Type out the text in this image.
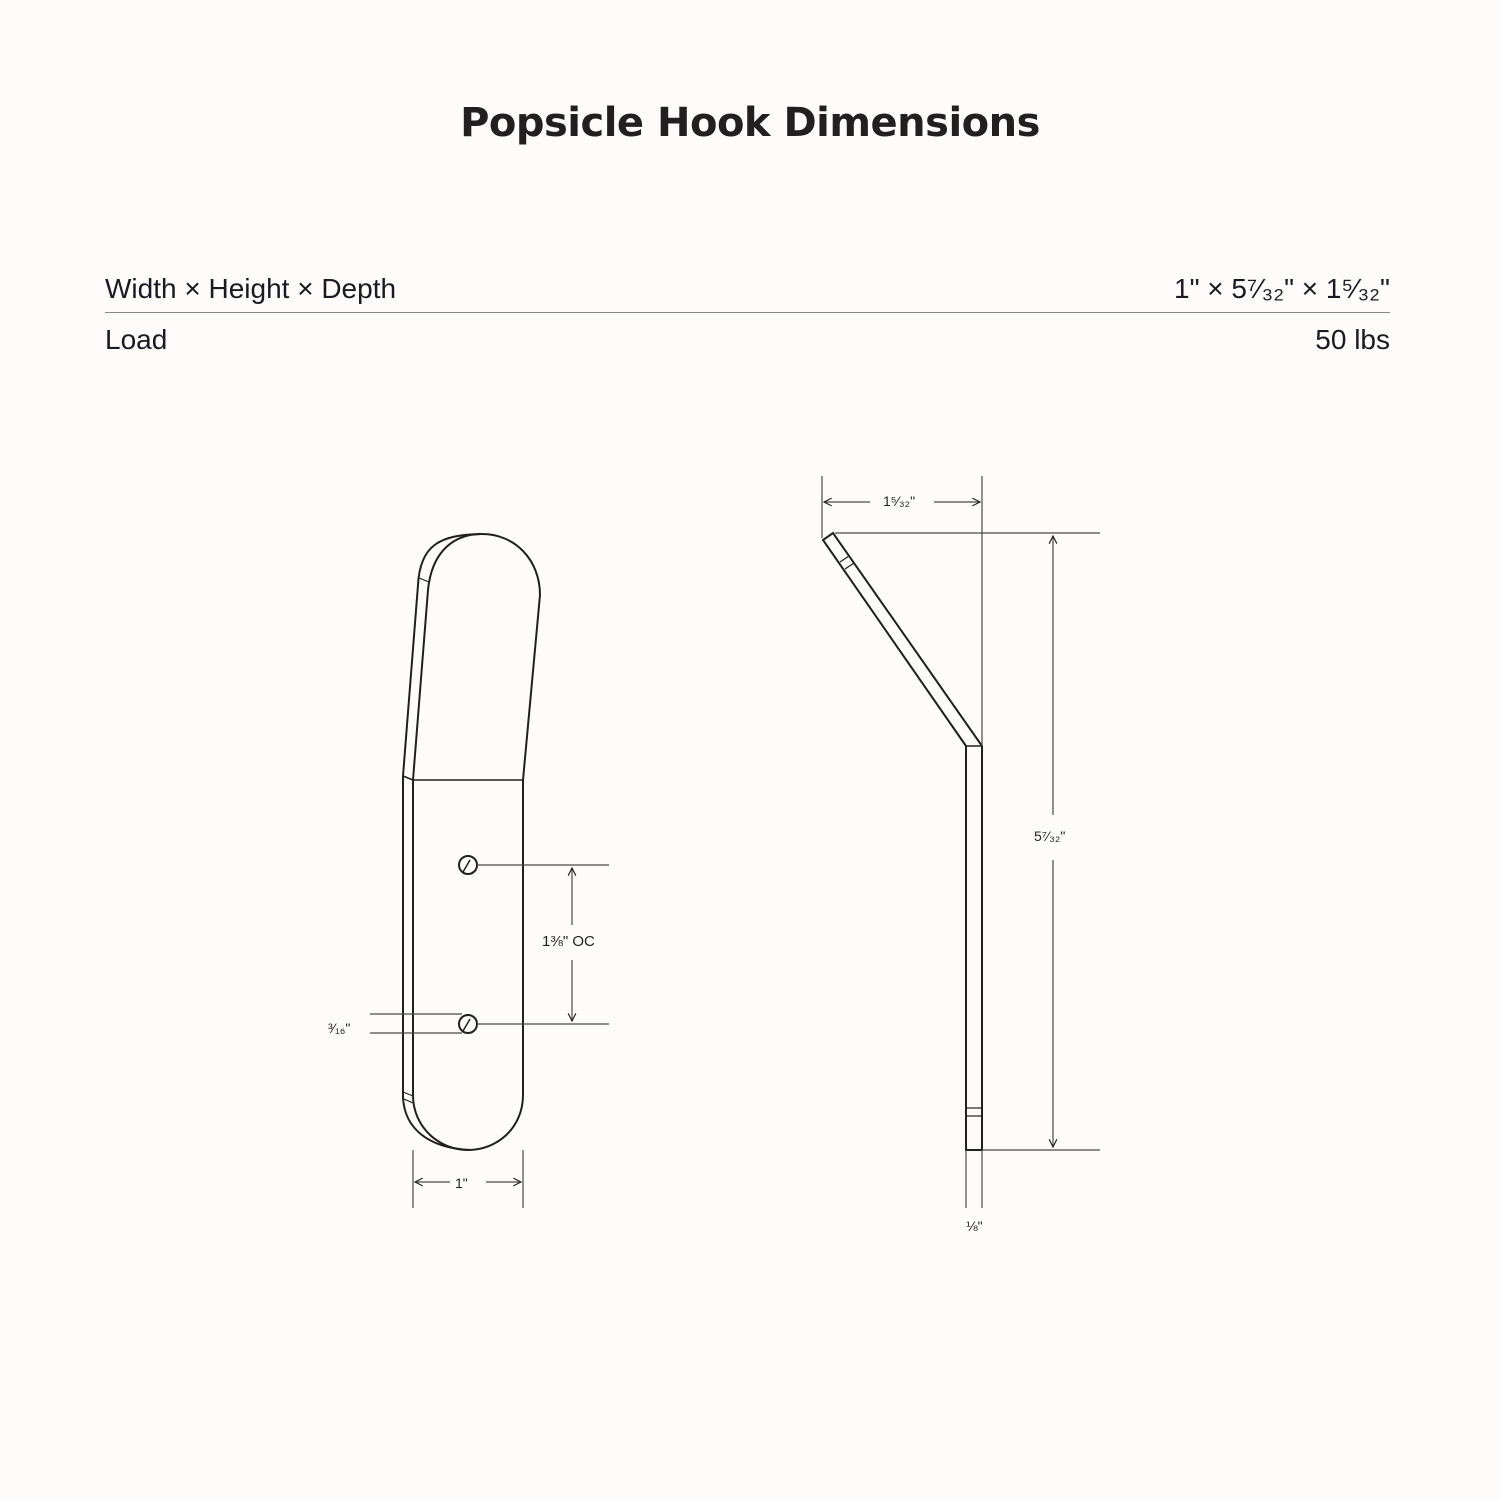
Popsicle Hook Dimensions
Width × Height × Depth	1" × 5⁷⁄₃₂" × 1⁵⁄₃₂"
Load	50 lbs
1"
1⅜" OC
³⁄₁₆"
1⁵⁄₃₂"
5⁷⁄₃₂"
⅛"
